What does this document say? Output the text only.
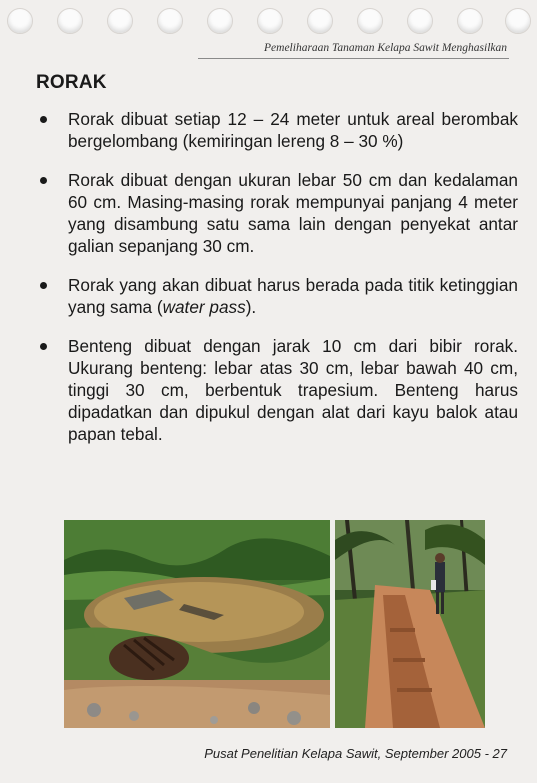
Pemeliharaan Tanaman Kelapa Sawit Menghasilkan
RORAK
Rorak dibuat setiap 12 – 24 meter untuk areal berombak bergelombang (kemiringan lereng 8 – 30 %)
Rorak dibuat dengan ukuran lebar 50 cm dan kedalaman 60 cm. Masing-masing rorak mempunyai panjang 4 meter yang disambung satu sama lain dengan penyekat antar galian sepanjang 30 cm.
Rorak yang akan dibuat harus berada pada titik ketinggian yang sama (water pass).
Benteng dibuat dengan jarak 10 cm dari bibir rorak. Ukurang benteng: lebar atas 30 cm, lebar bawah 40 cm, tinggi 30 cm, berbentuk trapesium. Benteng harus dipadatkan dan dipukul dengan alat dari kayu balok atau papan tebal.
Pusat Penelitian Kelapa Sawit, September 2005 - 27
